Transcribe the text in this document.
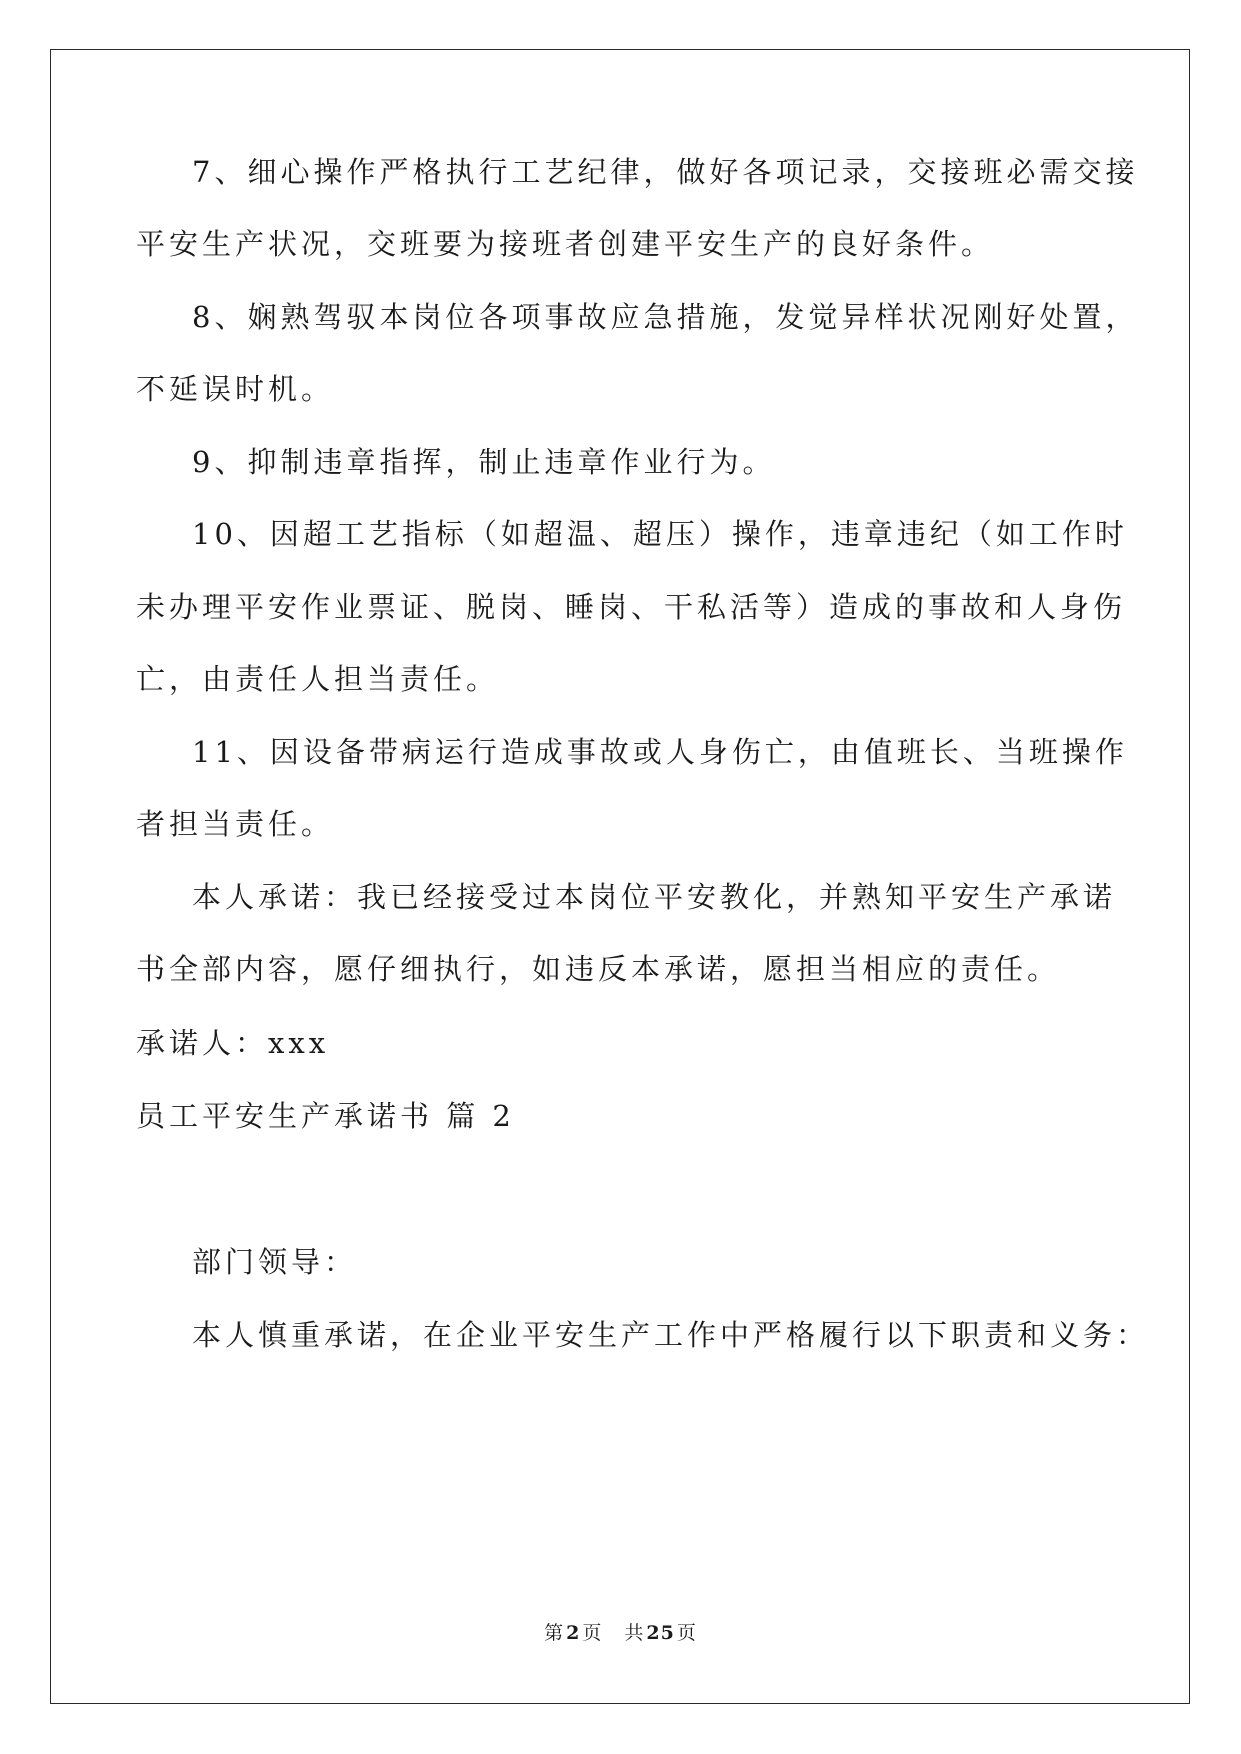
7、细心操作严格执行工艺纪律，做好各项记录，交接班必需交接

平安生产状况，交班要为接班者创建平安生产的良好条件。

8、娴熟驾驭本岗位各项事故应急措施，发觉异样状况刚好处置，

不延误时机。

9、抑制违章指挥，制止违章作业行为。

10、因超工艺指标（如超温、超压）操作，违章违纪（如工作时

未办理平安作业票证、脱岗、睡岗、干私活等）造成的事故和人身伤

亡，由责任人担当责任。

11、因设备带病运行造成事故或人身伤亡，由值班长、当班操作

者担当责任。

本人承诺：我已经接受过本岗位平安教化，并熟知平安生产承诺

书全部内容，愿仔细执行，如违反本承诺，愿担当相应的责任。

承诺人：xxx

员工平安生产承诺书 篇 2

部门领导：

本人慎重承诺，在企业平安生产工作中严格履行以下职责和义务：

第 2 页 共 25 页
